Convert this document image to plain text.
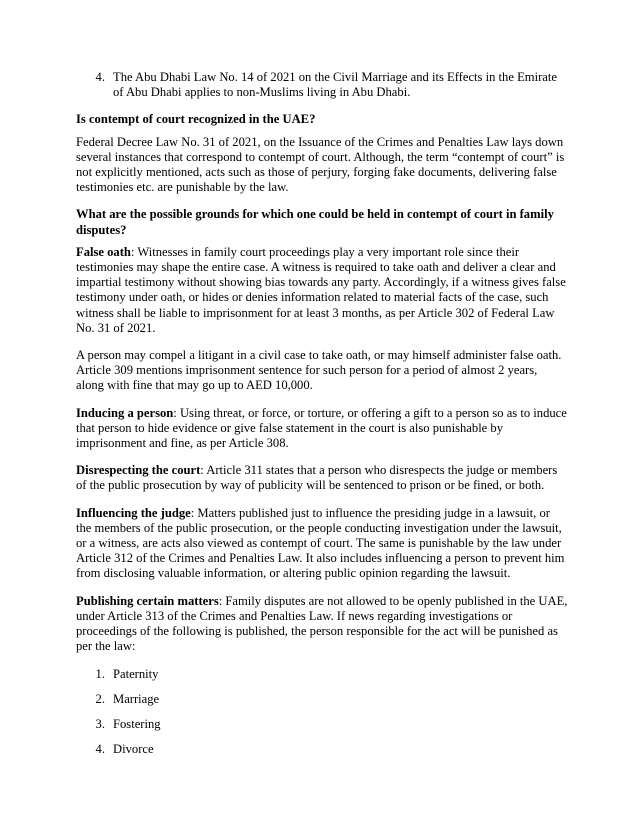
4. The Abu Dhabi Law No. 14 of 2021 on the Civil Marriage and its Effects in the Emirate of Abu Dhabi applies to non-Muslims living in Abu Dhabi.

Is contempt of court recognized in the UAE?

Federal Decree Law No. 31 of 2021, on the Issuance of the Crimes and Penalties Law lays down several instances that correspond to contempt of court. Although, the term “contempt of court” is not explicitly mentioned, acts such as those of perjury, forging fake documents, delivering false testimonies etc. are punishable by the law.

What are the possible grounds for which one could be held in contempt of court in family disputes?

False oath: Witnesses in family court proceedings play a very important role since their testimonies may shape the entire case. A witness is required to take oath and deliver a clear and impartial testimony without showing bias towards any party. Accordingly, if a witness gives false testimony under oath, or hides or denies information related to material facts of the case, such witness shall be liable to imprisonment for at least 3 months, as per Article 302 of Federal Law No. 31 of 2021.

A person may compel a litigant in a civil case to take oath, or may himself administer false oath. Article 309 mentions imprisonment sentence for such person for a period of almost 2 years, along with fine that may go up to AED 10,000.

Inducing a person: Using threat, or force, or torture, or offering a gift to a person so as to induce that person to hide evidence or give false statement in the court is also punishable by imprisonment and fine, as per Article 308.

Disrespecting the court: Article 311 states that a person who disrespects the judge or members of the public prosecution by way of publicity will be sentenced to prison or be fined, or both.

Influencing the judge: Matters published just to influence the presiding judge in a lawsuit, or the members of the public prosecution, or the people conducting investigation under the lawsuit, or a witness, are acts also viewed as contempt of court. The same is punishable by the law under Article 312 of the Crimes and Penalties Law. It also includes influencing a person to prevent him from disclosing valuable information, or altering public opinion regarding the lawsuit.

Publishing certain matters: Family disputes are not allowed to be openly published in the UAE, under Article 313 of the Crimes and Penalties Law. If news regarding investigations or proceedings of the following is published, the person responsible for the act will be punished as per the law:

1. Paternity
2. Marriage
3. Fostering
4. Divorce
